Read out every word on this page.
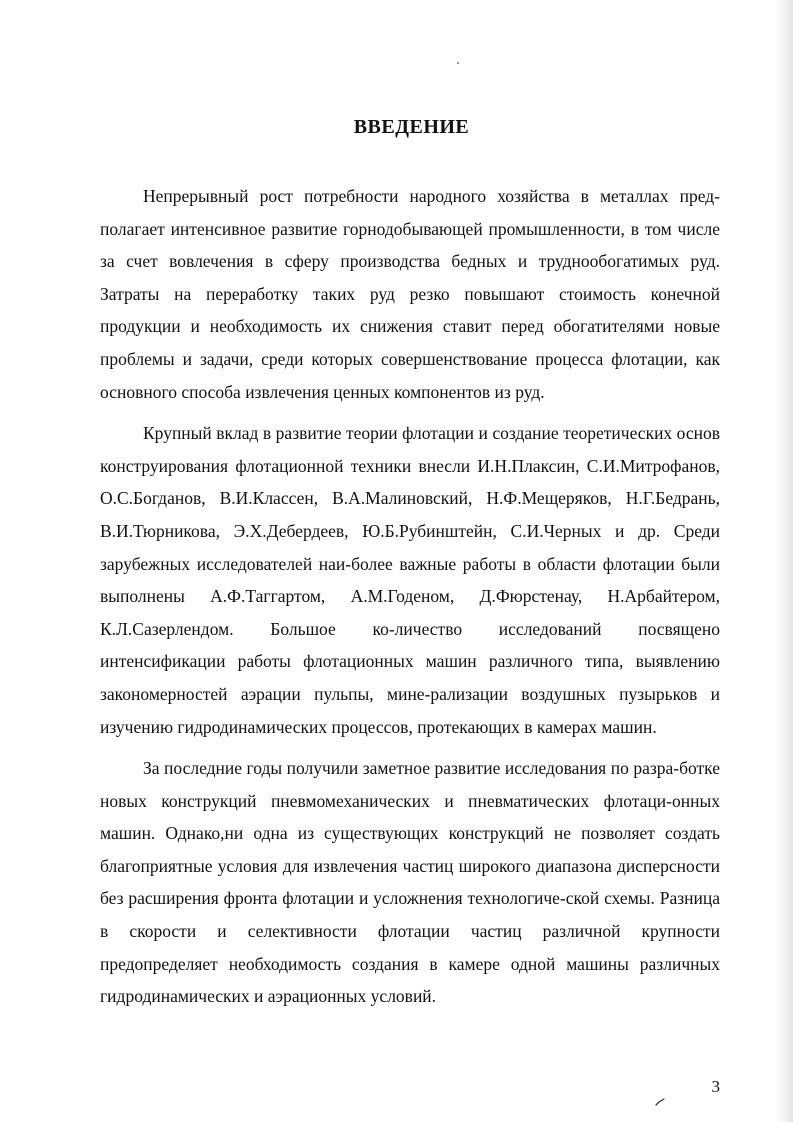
ВВЕДЕНИЕ

Непрерывный рост потребности народного хозяйства в металлах пред-полагает интенсивное развитие горнодобывающей промышленности, в том числе за счет вовлечения в сферу производства бедных и труднообогатимых руд. Затраты на переработку таких руд резко повышают стоимость конечной продукции и необходимость их снижения ставит перед обогатителями новые проблемы и задачи, среди которых совершенствование процесса флотации, как основного способа извлечения ценных компонентов из руд.

Крупный вклад в развитие теории флотации и создание теоретических основ конструирования флотационной техники внесли И.Н.Плаксин, С.И.Митрофанов, О.С.Богданов, В.И.Классен, В.А.Малиновский, Н.Ф.Мещеряков, Н.Г.Бедрань, В.И.Тюрникова, Э.Х.Дебердеев, Ю.Б.Рубинштейн, С.И.Черных и др. Среди зарубежных исследователей наи-более важные работы в области флотации были выполнены А.Ф.Таггартом, А.М.Годеном, Д.Фюрстенау, Н.Арбайтером, К.Л.Сазерлендом. Большое ко-личество исследований посвящено интенсификации работы флотационных машин различного типа, выявлению закономерностей аэрации пульпы, мине-рализации воздушных пузырьков и изучению гидродинамических процессов, протекающих в камерах машин.

За последние годы получили заметное развитие исследования по разра-ботке новых конструкций пневмомеханических и пневматических флотаци-онных машин. Однако,ни одна из существующих конструкций не позволяет создать благоприятные условия для извлечения частиц широкого диапазона дисперсности без расширения фронта флотации и усложнения технологиче-ской схемы. Разница в скорости и селективности флотации частиц различной крупности предопределяет необходимость создания в камере одной машины различных гидродинамических и аэрационных условий.

3
